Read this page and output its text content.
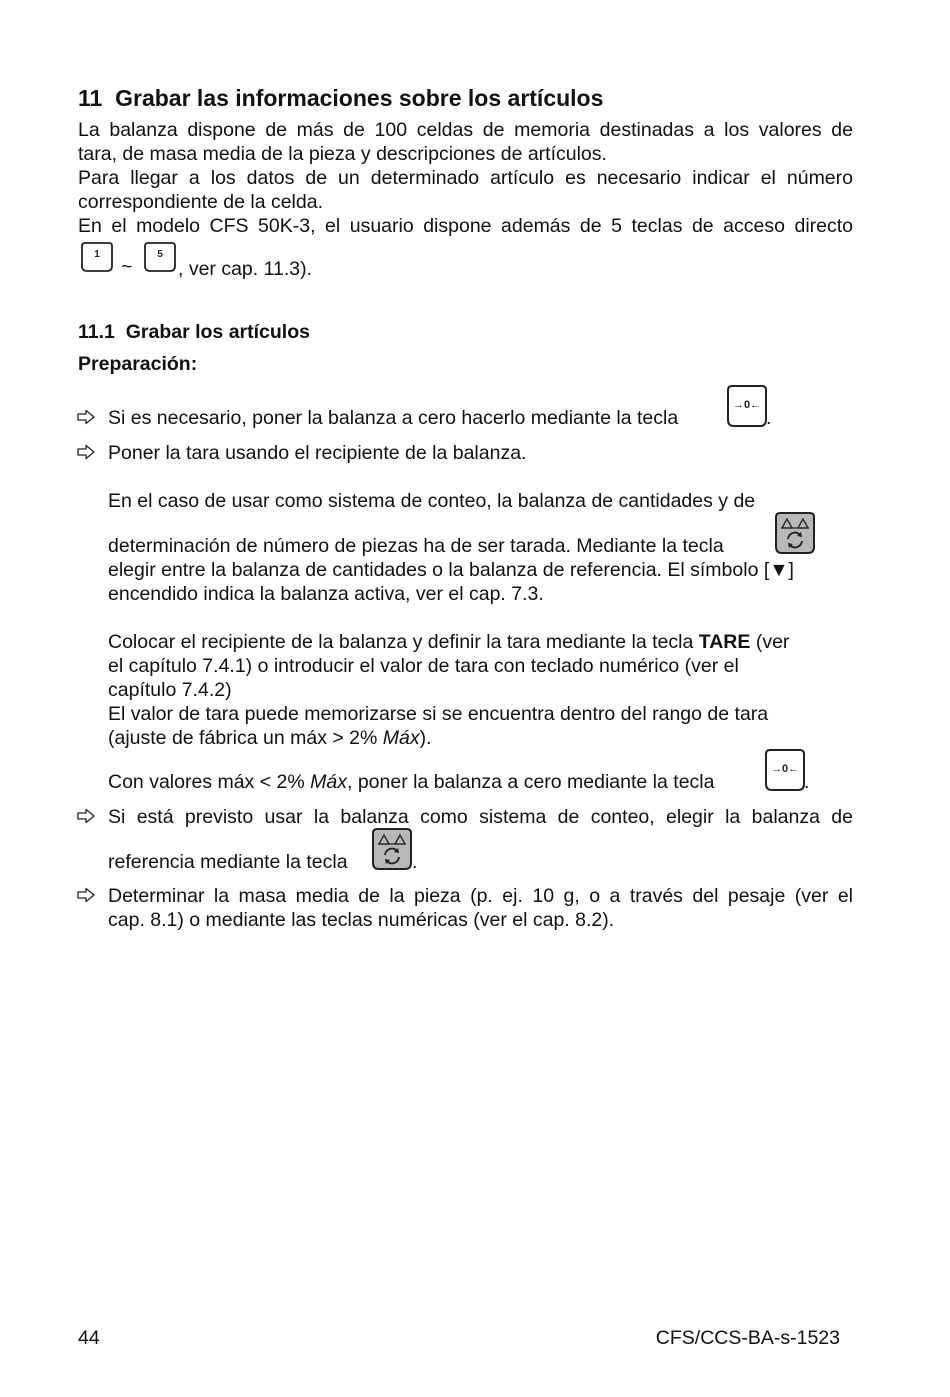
11 Grabar las informaciones sobre los artículos
La balanza dispone de más de 100 celdas de memoria destinadas a los valores de
tara, de masa media de la pieza y descripciones de artículos.
Para llegar a los datos de un determinado artículo es necesario indicar el número
correspondiente de la celda.
En el modelo CFS 50K-3, el usuario dispone además de 5 teclas de acceso directo
1
~
5
, ver cap. 11.3).
11.1 Grabar los artículos
Preparación:
Si es necesario, poner la balanza a cero hacerlo mediante la tecla
→0←
.
Poner la tara usando el recipiente de la balanza.
En el caso de usar como sistema de conteo, la balanza de cantidades y de
determinación de número de piezas ha de ser tarada. Mediante la tecla
elegir entre la balanza de cantidades o la balanza de referencia. El símbolo [▼]
encendido indica la balanza activa, ver el cap. 7.3.
Colocar el recipiente de la balanza y definir la tara mediante la tecla TARE (ver
el capítulo 7.4.1) o introducir el valor de tara con teclado numérico (ver el
capítulo 7.4.2)
El valor de tara puede memorizarse si se encuentra dentro del rango de tara
(ajuste de fábrica un máx > 2% Máx).
Con valores máx < 2% Máx, poner la balanza a cero mediante la tecla
→0←
.
Si está previsto usar la balanza como sistema de conteo, elegir la balanza de
referencia mediante la tecla	.
Determinar la masa media de la pieza (p. ej. 10 g, o a través del pesaje (ver el
cap. 8.1) o mediante las teclas numéricas (ver el cap. 8.2).
44	CFS/CCS-BA-s-1523
